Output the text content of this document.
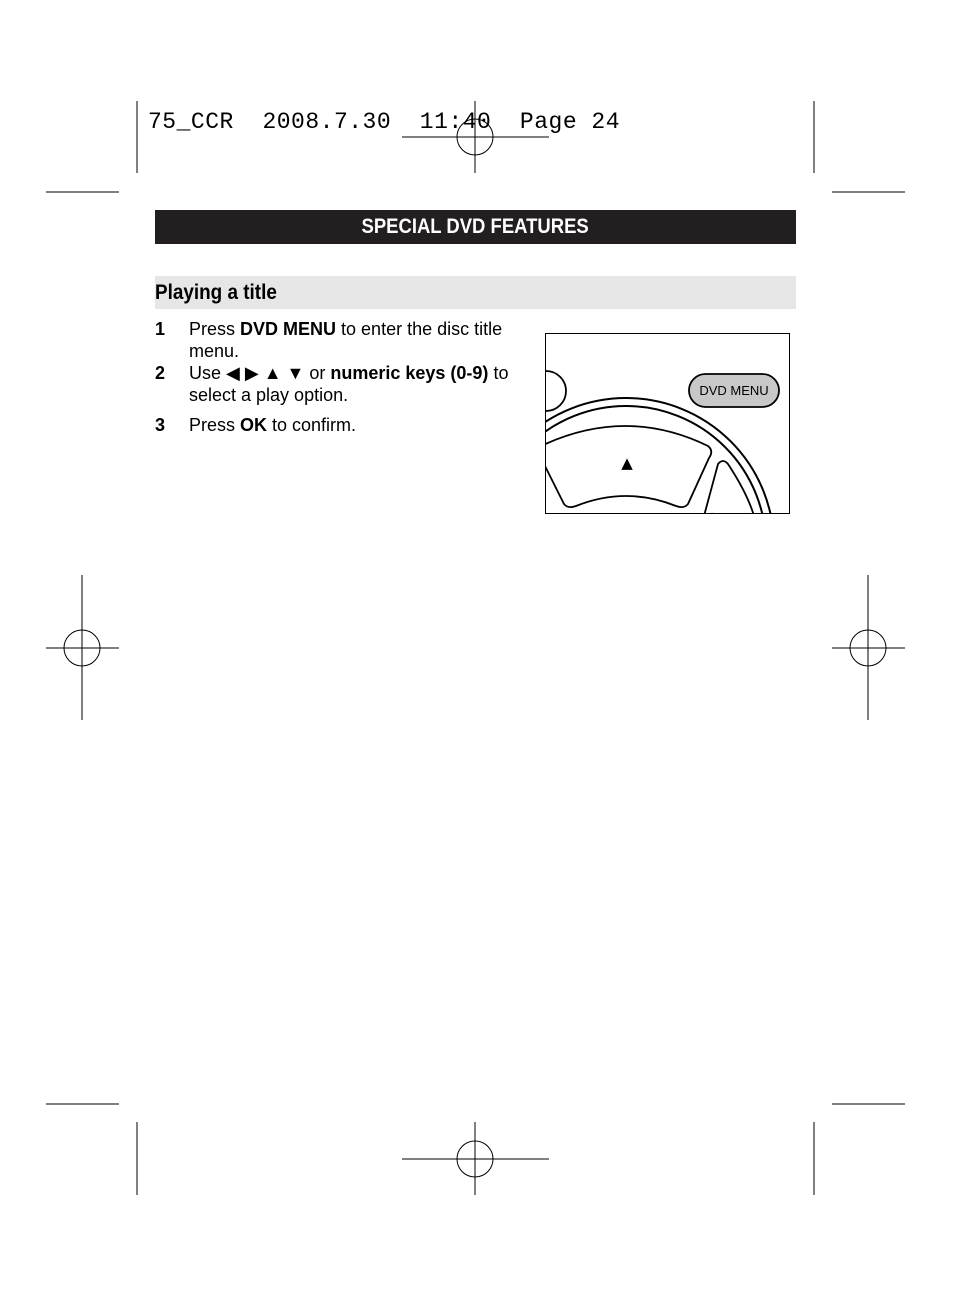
75_CCR 2008.7.30 11:40 Page 24
SPECIAL DVD FEATURES
Playing a title
1	Press DVD MENU to enter the disc title menu.
2	Use ◀ ▶ ▲ ▼ or numeric keys (0-9) to select a play option.
3	Press OK to confirm.
▲
DVD MENU
